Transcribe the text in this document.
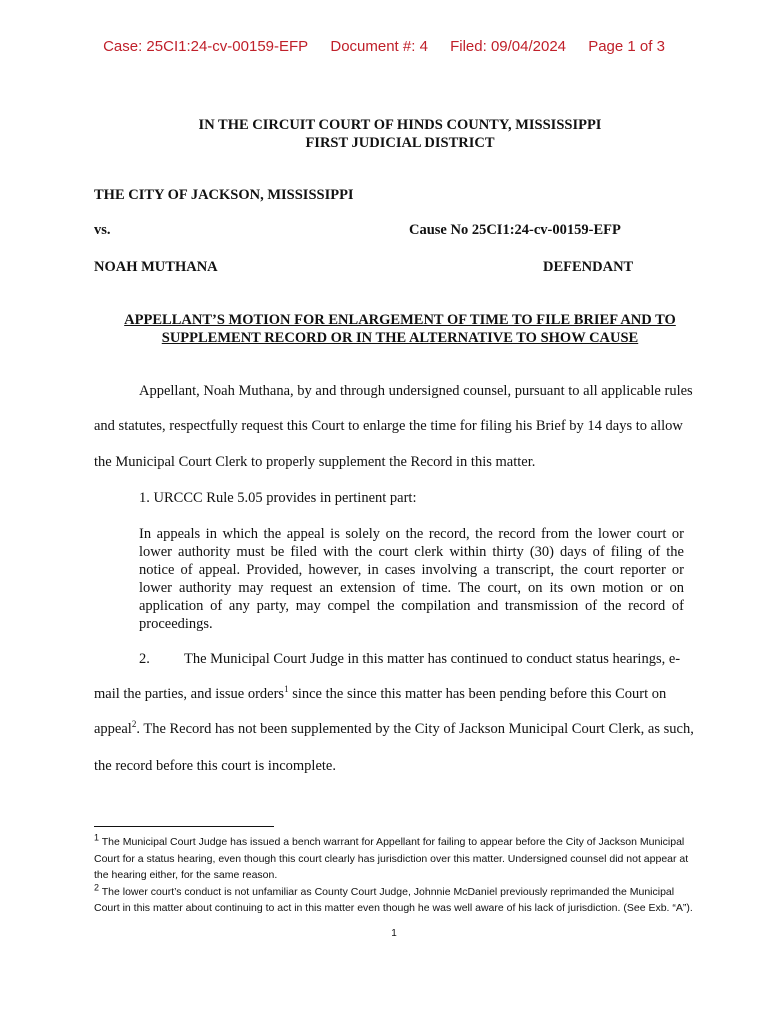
Case: 25CI1:24-cv-00159-EFP Document #: 4 Filed: 09/04/2024 Page 1 of 3
IN THE CIRCUIT COURT OF HINDS COUNTY, MISSISSIPPI
FIRST JUDICIAL DISTRICT
THE CITY OF JACKSON, MISSISSIPPI
vs.	Cause No 25CI1:24-cv-00159-EFP
NOAH MUTHANA	DEFENDANT
APPELLANT’S MOTION FOR ENLARGEMENT OF TIME TO FILE BRIEF AND TO
SUPPLEMENT RECORD OR IN THE ALTERNATIVE TO SHOW CAUSE
Appellant, Noah Muthana, by and through undersigned counsel, pursuant to all applicable rules
and statutes, respectfully request this Court to enlarge the time for filing his Brief by 14 days to allow
the Municipal Court Clerk to properly supplement the Record in this matter.
1. URCCC Rule 5.05 provides in pertinent part:
In appeals in which the appeal is solely on the record, the record from the lower court or lower authority must be filed with the court clerk within thirty (30) days of filing of the notice of appeal. Provided, however, in cases involving a transcript, the court reporter or lower authority may request an extension of time. The court, on its own motion or on application of any party, may compel the compilation and transmission of the record of proceedings.
2. The Municipal Court Judge in this matter has continued to conduct status hearings, e-
mail the parties, and issue orders$^1$ since the since this matter has been pending before this Court on
appeal$^2$. The Record has not been supplemented by the City of Jackson Municipal Court Clerk, as such,
the record before this court is incomplete.

$^1$ The Municipal Court Judge has issued a bench warrant for Appellant for failing to appear before the City of Jackson Municipal Court for a status hearing, even though this court clearly has jurisdiction over this matter. Undersigned counsel did not appear at the hearing either, for the same reason.

$^2$ The lower court’s conduct is not unfamiliar as County Court Judge, Johnnie McDaniel previously reprimanded the Municipal Court in this matter about continuing to act in this matter even though he was well aware of his lack of jurisdiction. (See Exb. “A”).

1
